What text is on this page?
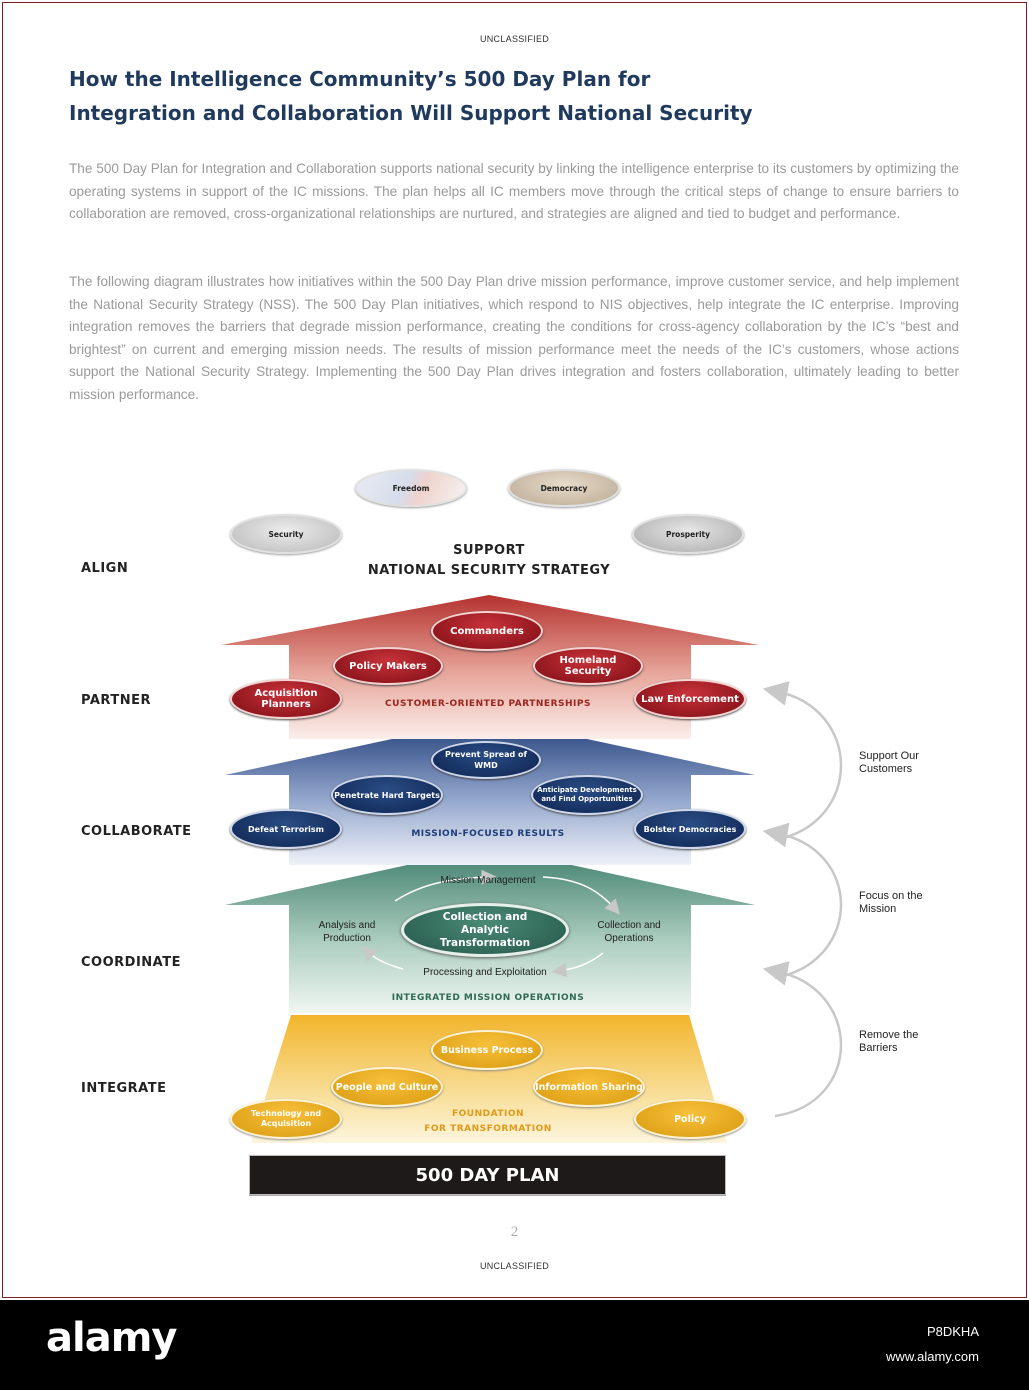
UNCLASSIFIED
How the Intelligence Community’s 500 Day Plan for
Integration and Collaboration Will Support National Security
The 500 Day Plan for Integration and Collaboration supports national security by linking the intelligence enterprise to its customers by optimizing the operating systems in support of the IC missions. The plan helps all IC members move through the critical steps of change to ensure barriers to collaboration are removed, cross-organizational relationships are nurtured, and strategies are aligned and tied to budget and performance.
The following diagram illustrates how initiatives within the 500 Day Plan drive mission performance, improve customer service, and help implement the National Security Strategy (NSS). The 500 Day Plan initiatives, which respond to NIS objectives, help integrate the IC enterprise. Improving integration removes the barriers that degrade mission performance, creating the conditions for cross-agency collaboration by the IC’s “best and brightest” on current and emerging mission needs. The results of mission performance meet the needs of the IC’s customers, whose actions support the National Security Strategy. Implementing the 500 Day Plan drives integration and fosters collaboration, ultimately leading to better mission performance.
Freedom	Democracy
Security	Prosperity
SUPPORT
NATIONAL SECURITY STRATEGY
Commanders
Policy Makers	Homeland Security
Acquisition Planners	Law Enforcement
CUSTOMER-ORIENTED PARTNERSHIPS
Prevent Spread of WMD
Penetrate Hard Targets
Anticipate Developments and Find Opportunities
Defeat Terrorism	Bolster Democracies
MISSION-FOCUSED RESULTS
Mission Management
Collection and Analytic Transformation
Analysis and Production
Collection and Operations
Processing and Exploitation
INTEGRATED MISSION OPERATIONS
Business Process
People and Culture	Information Sharing
Technology and Acquisition	Policy
FOUNDATION
FOR TRANSFORMATION
ALIGN
PARTNER
COLLABORATE
COORDINATE
INTEGRATE
Support Our Customers
Focus on the Mission
Remove the Barriers
500 DAY PLAN
2
UNCLASSIFIED
alamy	P8DKHA
www.alamy.com
